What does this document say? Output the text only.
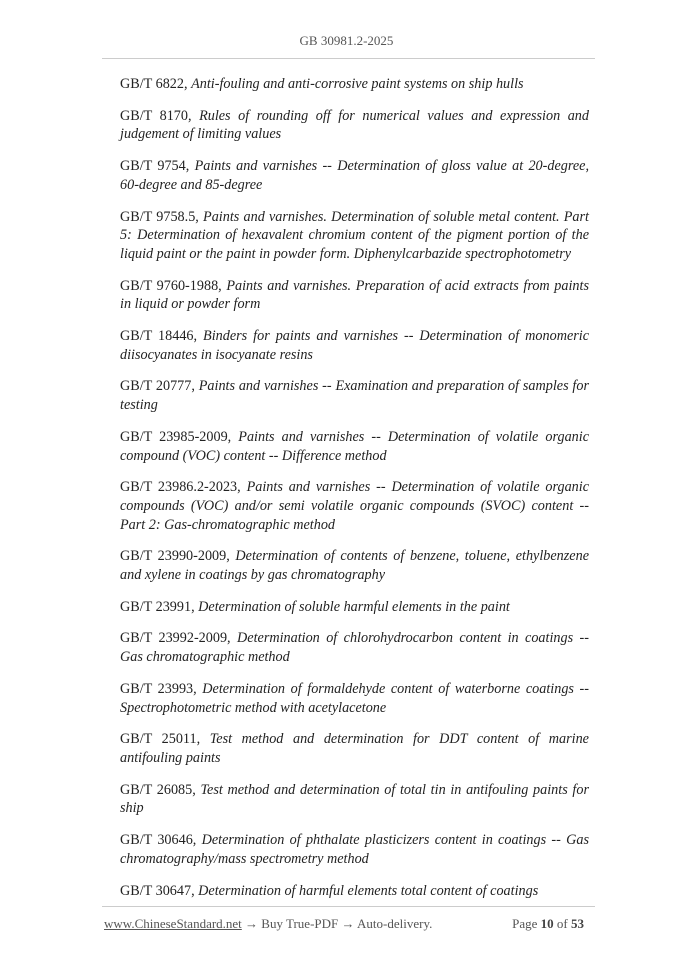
GB 30981.2-2025

GB/T 6822, Anti-fouling and anti-corrosive paint systems on ship hulls

GB/T 8170, Rules of rounding off for numerical values and expression and judgement of limiting values

GB/T 9754, Paints and varnishes -- Determination of gloss value at 20-degree, 60-degree and 85-degree

GB/T 9758.5, Paints and varnishes. Determination of soluble metal content. Part 5: Determination of hexavalent chromium content of the pigment portion of the liquid paint or the paint in powder form. Diphenylcarbazide spectrophotometry

GB/T 9760-1988, Paints and varnishes. Preparation of acid extracts from paints in liquid or powder form

GB/T 18446, Binders for paints and varnishes -- Determination of monomeric diisocyanates in isocyanate resins

GB/T 20777, Paints and varnishes -- Examination and preparation of samples for testing

GB/T 23985-2009, Paints and varnishes -- Determination of volatile organic compound (VOC) content -- Difference method

GB/T 23986.2-2023, Paints and varnishes -- Determination of volatile organic compounds (VOC) and/or semi volatile organic compounds (SVOC) content -- Part 2: Gas-chromatographic method

GB/T 23990-2009, Determination of contents of benzene, toluene, ethylbenzene and xylene in coatings by gas chromatography

GB/T 23991, Determination of soluble harmful elements in the paint

GB/T 23992-2009, Determination of chlorohydrocarbon content in coatings -- Gas chromatographic method

GB/T 23993, Determination of formaldehyde content of waterborne coatings -- Spectrophotometric method with acetylacetone

GB/T 25011, Test method and determination for DDT content of marine antifouling paints

GB/T 26085, Test method and determination of total tin in antifouling paints for ship

GB/T 30646, Determination of phthalate plasticizers content in coatings -- Gas chromatography/mass spectrometry method

GB/T 30647, Determination of harmful elements total content of coatings

www.ChineseStandard.net → Buy True-PDF → Auto-delivery.	Page 10 of 53
